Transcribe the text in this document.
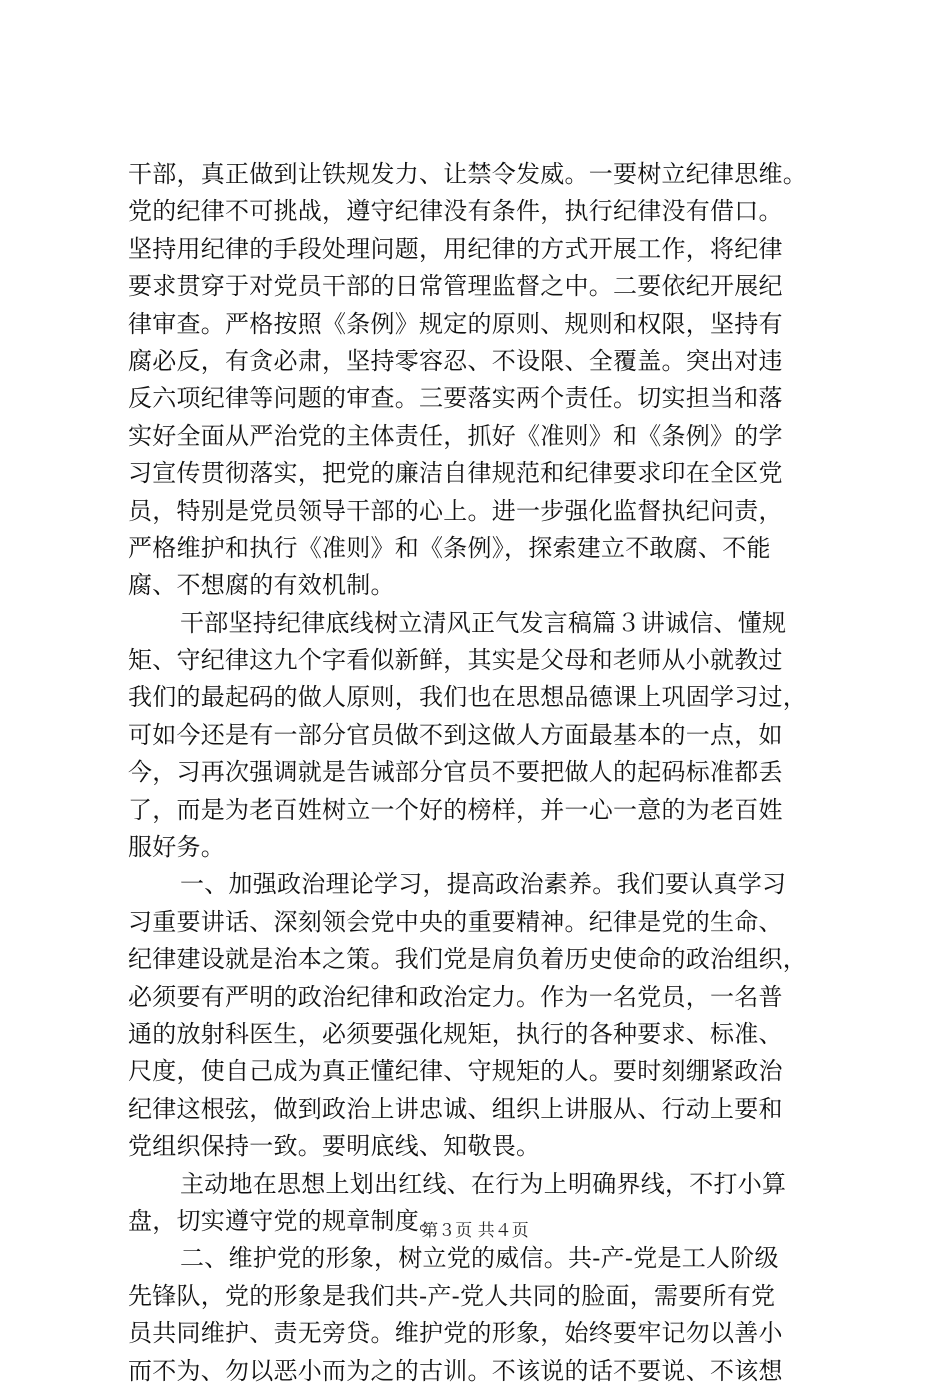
干部，真正做到让铁规发力、让禁令发威。一要树立纪律思维。
党的纪律不可挑战，遵守纪律没有条件，执行纪律没有借口。
坚持用纪律的手段处理问题，用纪律的方式开展工作，将纪律
要求贯穿于对党员干部的日常管理监督之中。二要依纪开展纪
律审查。严格按照《条例》规定的原则、规则和权限，坚持有
腐必反，有贪必肃，坚持零容忍、不设限、全覆盖。突出对违
反六项纪律等问题的审查。三要落实两个责任。切实担当和落
实好全面从严治党的主体责任，抓好《准则》和《条例》的学
习宣传贯彻落实，把党的廉洁自律规范和纪律要求印在全区党
员，特别是党员领导干部的心上。进一步强化监督执纪问责，
严格维护和执行《准则》和《条例》，探索建立不敢腐、不能
腐、不想腐的有效机制。
干部坚持纪律底线树立清风正气发言稿篇３讲诚信、懂规
矩、守纪律这九个字看似新鲜，其实是父母和老师从小就教过
我们的最起码的做人原则，我们也在思想品德课上巩固学习过，
可如今还是有一部分官员做不到这做人方面最基本的一点，如
今，习再次强调就是告诫部分官员不要把做人的起码标准都丢
了，而是为老百姓树立一个好的榜样，并一心一意的为老百姓
服好务。
一、加强政治理论学习，提高政治素养。我们要认真学习
习重要讲话、深刻领会党中央的重要精神。纪律是党的生命、
纪律建设就是治本之策。我们党是肩负着历史使命的政治组织，
必须要有严明的政治纪律和政治定力。作为一名党员，一名普
通的放射科医生，必须要强化规矩，执行的各种要求、标准、
尺度，使自己成为真正懂纪律、守规矩的人。要时刻绷紧政治
纪律这根弦，做到政治上讲忠诚、组织上讲服从、行动上要和
党组织保持一致。要明底线、知敬畏。
主动地在思想上划出红线、在行为上明确界线，不打小算
盘，切实遵守党的规章制度。
二、维护党的形象，树立党的威信。共-产-党是工人阶级
先锋队，党的形象是我们共-产-党人共同的脸面，需要所有党
员共同维护、责无旁贷。维护党的形象，始终要牢记勿以善小
而不为、勿以恶小而为之的古训。不该说的话不要说、不该想
第３页 共４页
